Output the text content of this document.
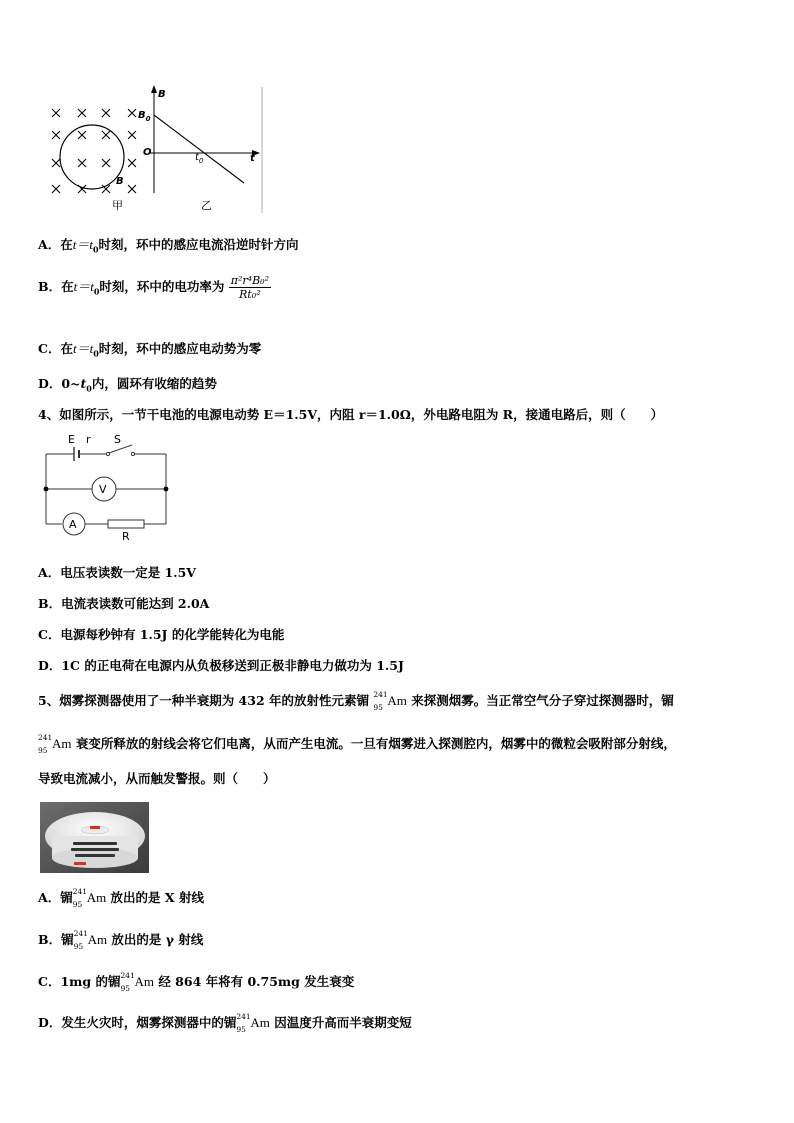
B
甲
B
$B_0$
O	$t_0$	t
乙
A．在$t=t_0$时刻，环中的感应电流沿逆时针方向
B．在$t=t_0$时刻，环中的电功率为 $\frac{\text{π²r⁴B₀²}}{\text{Rt₀²}}$
C．在$t=t_0$时刻，环中的感应电动势为零
D．$0\sim t_0$内，圆环有收缩的趋势
4、如图所示，一节干电池的电源电动势 E＝1.5V，内阻 r＝1.0Ω，外电路电阻为 R，接通电路后，则（　　）
E r S
V
A
R
A．电压表读数一定是 1.5V
B．电流表读数可能达到 2.0A
C．电源每秒钟有 1.5J 的化学能转化为电能
D．1C 的正电荷在电源内从负极移送到正极非静电力做功为 1.5J
5、烟雾探测器使用了一种半衰期为 432 年的放射性元素镅 241
95 Am 来探测烟雾。当正常空气分子穿过探测器时，镅
241
95 Am 衰变所释放的射线会将它们电离，从而产生电流。一旦有烟雾进入探测腔内，烟雾中的微粒会吸附部分射线，
导致电流减小，从而触发警报。则（　　）
A．镅 241
95 Am 放出的是 X 射线
B．镅 241
95 Am 放出的是 γ 射线
C．1mg 的镅 241
95 Am 经 864 年将有 0.75mg 发生衰变
D．发生火灾时，烟雾探测器中的镅 241
95 Am 因温度升高而半衰期变短
